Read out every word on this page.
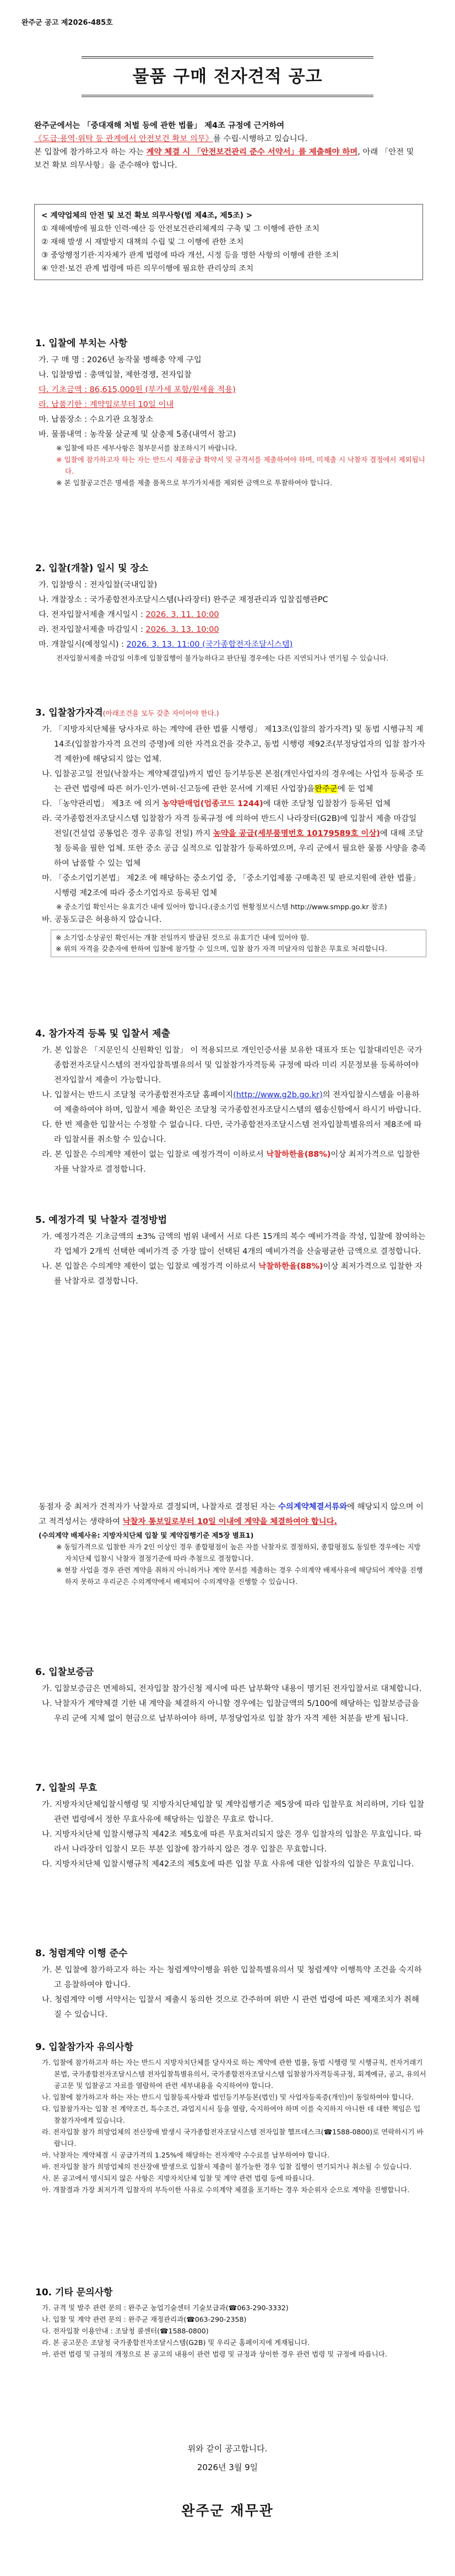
완주군 공고 제2026-485호
물품 구매 전자견적 공고

완주군에서는 「중대재해 처벌 등에 관한 법률」 제4조 규정에 근거하여

《도급·용역·위탁 등 관계에서 안전보건 확보 의무》를 수립·시행하고 있습니다.

본 입찰에 참가하고자 하는 자는 계약 체결 시 「안전보건관리 준수 서약서」를 제출해야 하며, 아래 「안전 및 보건 확보 의무사항」을 준수해야 합니다.

< 계약업체의 안전 및 보건 확보 의무사항(법 제4조, 제5조) >

① 재해예방에 필요한 인력·예산 등 안전보건관리체계의 구축 및 그 이행에 관한 조치

② 재해 발생 시 재발방지 대책의 수립 및 그 이행에 관한 조치

③ 중앙행정기관·지자체가 관계 법령에 따라 개선, 시정 등을 명한 사항의 이행에 관한 조치

④ 안전·보건 관계 법령에 따른 의무이행에 필요한 관리상의 조치

1. 입찰에 부치는 사항

가. 구 매 명 : 2026년 농작물 병해충 약제 구입

나. 입찰방법 : 총액입찰, 제한경쟁, 전자입찰

다. 기초금액 : 86,615,000원 (부가세 포함/원세율 적용)

라. 납품기한 : 계약일로부터 10일 이내

마. 납품장소 : 수요기관 요청장소

바. 물품내역 : 농작물 살균제 및 살충제 5종(내역서 참고)

※ 입찰에 따른 세부사항은 첨부문서를 참조하시기 바랍니다.

※ 입찰에 참가하고자 하는 자는 반드시 제품공급 확약서 및 규격서를 제출하여야 하며, 미제출 시 낙찰자 결정에서 제외됩니다.

※ 본 입찰공고건은 명세를 제출 품목으로 부가가치세를 제외한 금액으로 투찰하여야 합니다.

2. 입찰(개찰) 일시 및 장소

가. 입찰방식 : 전자입찰(국내입찰)

나. 개찰장소 : 국가종합전자조달시스템(나라장터) 완주군 재정관리과 입찰집행관PC

다. 전자입찰서제출 개시일시 : 2026. 3. 11. 10:00

라. 전자입찰서제출 마감일시 : 2026. 3. 13. 10:00

마. 개찰일시(예정일시) : 2026. 3. 13. 11:00 (국가종합전자조달시스템)

전자입찰서제출 마감일 이후에 입찰집행이 불가능하다고 판단될 경우에는 다른 지연되거나 연기될 수 있습니다.

3. 입찰참가자격(아래조건을 모두 갖춘 자이어야 한다.)

가. 「지방자치단체를 당사자로 하는 계약에 관한 법률 시행령」 제13조(입찰의 참가자격) 및 동법 시행규칙 제14조(입찰참가자격 요건의 증명)에 의한 자격요건을 갖추고, 동법 시행령 제92조(부정당업자의 입찰 참가자격 제한)에 해당되지 않는 업체.

나. 입찰공고일 전일(낙찰자는 계약체결일)까지 법인 등기부등본 본점(개인사업자의 경우에는 사업자 등록증 또는 관련 법령에 따른 허가·인가·면허·신고등에 관한 문서에 기재된 사업장)을완주군에 둔 업체

다. 「농약관리법」 제3조 에 의거 농약판매업(업종코드 1244)에 대한 조달청 입찰참가 등록된 업체

라. 국가종합전자조달시스템 입찰참가 자격 등록규정 에 의하여 반드시 나라장터(G2B)에 입찰서 제출 마감일 전일(건설업 공통업은 경우 공휴일 전일) 까지 농약을 공급(세부품명번호 10179589호 이상)에 대해 조달청 등록을 필한 업체. 또한 중소 공급 실적으로 입찰참가 등록하였으며, 우리 군에서 필요한 물품 사양을 충족하여 납품할 수 있는 업체

마. 「중소기업기본법」 제2조 에 해당하는 중소기업 중, 「중소기업제품 구매촉진 및 판로지원에 관한 법률」 시행령 제2조에 따라 중소기업자로 등록된 업체

※ 중소기업 확인서는 유효기간 내에 있어야 합니다.(중소기업 현황정보시스템 http://www.smpp.go.kr 참조)

바. 공동도급은 허용하지 않습니다.

※ 소기업·소상공인 확인서는 개찰 전일까지 발급된 것으로 유효기간 내에 있어야 함.
※ 위의 자격을 갖춘자에 한하여 입찰에 참가할 수 있으며, 입찰 참가 자격 미달자의 입찰은 무효로 처리합니다.
4. 참가자격 등록 및 입찰서 제출

가. 본 입찰은 「지문인식 신원확인 입찰」 이 적용되므로 개인인증서를 보유한 대표자 또는 입찰대리인은 국가종합전자조달시스템의 전자입찰특별유의서 및 입찰참가자격등록 규정에 따라 미리 지문정보를 등록하여야 전자입찰서 제출이 가능합니다.

나. 입찰서는 반드시 조달청 국가종합전자조달 홈페이지(http://www.g2b.go.kr)의 전자입찰시스템을 이용하여 제출하여야 하며, 입찰서 제출 확인은 조달청 국가종합전자조달시스템의 웹송신함에서 하시기 바랍니다.

다. 한 번 제출한 입찰서는 수정할 수 없습니다. 다만, 국가종합전자조달시스템 전자입찰특별유의서 제8조에 따라 입찰서를 취소할 수 있습니다.

라. 본 입찰은 수의계약 제한이 없는 입찰로 예정가격이 이하로서 낙찰하한율(88%)이상 최저가격으로 입찰한 자를 낙찰자로 결정합니다.

5. 예정가격 및 낙찰자 결정방법

가. 예정가격은 기초금액의 ±3% 금액의 범위 내에서 서로 다른 15개의 복수 예비가격을 작성, 입찰에 참여하는 각 업체가 2개씩 선택한 예비가격 중 가장 많이 선택된 4개의 예비가격을 산술평균한 금액으로 결정합니다.

나. 본 입찰은 수의계약 제한이 없는 입찰로 예정가격 이하로서 낙찰하한율(88%)이상 최저가격으로 입찰한 자를 낙찰자로 결정합니다.

동점자 중 최저가 견적자가 낙찰자로 결정되며, 나찰자로 결정된 자는 수의계약체결서류와에 해당되지 않으며 이고 적격성서는 생략하여 낙찰자 통보일로부터 10일 이내에 계약을 체결하여야 합니다.

(수의계약 배제사유: 지방자치단체 입찰 및 계약집행기준 제5장 별표1)

※ 동일가격으로 입찰한 자가 2인 이상인 경우 종합평점이 높은 자를 낙찰자로 결정하되, 종합평점도 동일한 경우에는 지방자치단체 입찰시 낙찰자 결정기준에 따라 추첨으로 결정합니다.

※ 현장 사업을 경우 관련 계약을 취하지 아니하거나 계약 문서를 제출하는 경우 수의계약 배제사유에 해당되어 계약을 진행하지 못하고 우리군은 수의계약에서 배제되어 수의계약을 진행할 수 있습니다.

6. 입찰보증금

가. 입찰보증금은 면제하되, 전자입찰 참가신청 제시에 따른 납부확약 내용이 명기된 전자입찰서로 대체합니다.

나. 낙찰자가 계약체결 기한 내 계약을 체결하지 아니할 경우에는 입찰금액의 5/100에 해당하는 입찰보증금을 우리 군에 지체 없이 현금으로 납부하여야 하며, 부정당업자로 입찰 참가 자격 제한 처분을 받게 됩니다.

7. 입찰의 무효

가. 지방자치단체입찰시행령 및 지방자치단체입찰 및 계약집행기준 제5장에 따라 입찰무효 처리하며, 기타 입찰 관련 법령에서 정한 무효사유에 해당하는 입찰은 무효로 합니다.

나. 지방자치단체 입찰시행규칙 제42조 제5호에 따른 무효처리되지 않은 경우 입찰자의 입찰은 무효입니다. 따라서 나라장터 입찰시 모든 부분 입찰에 참가하지 않은 경우 입찰은 무효합니다.

다. 지방자치단체 입찰시행규칙 제42조의 제5호에 따른 입찰 무효 사유에 대한 입찰자의 입찰은 무효입니다.

8. 청렴계약 이행 준수

가. 본 입찰에 참가하고자 하는 자는 청렴계약이행을 위한 입찰특별유의서 및 청렴계약 이행특약 조건을 숙지하고 응찰하여야 합니다.

나. 청렴계약 이행 서약서는 입찰서 제출시 동의한 것으로 간주하며 위반 시 관련 법령에 따른 제재조치가 취해질 수 있습니다.

9. 입찰참가자 유의사항

가. 입찰에 참가하고자 하는 자는 반드시 지방자치단체를 당사자로 하는 계약에 관한 법률, 동법 시행령 및 시행규칙, 전자거래기본법, 국가종합전자조달시스템 전자입찰특별유의서, 국가종합전자조달시스템 입찰참가자격등록규정, 회계예규, 공고, 유의서 공고문 및 입찰공고 자료를 열람하여 관련 세부내용을 숙지하여야 합니다.

나. 입찰에 참가하고자 하는 자는 반드시 입찰등록사항과 법인등기부등본(법인) 및 사업자등록증(개인)이 동일하여야 합니다.

다. 입찰참가자는 입찰 전 계약조건, 특수조건, 과업지시서 등을 열람, 숙지하여야 하며 이를 숙지하지 아니한 데 대한 책임은 입찰참가자에게 있습니다.

라. 전자입찰 참가 희망업체의 전산장애 발생시 국가종합전자조달시스템 전자입찰 헬프데스크(☎1588-0800)로 연락하시기 바랍니다.

마. 낙찰자는 계약체결 시 공급가격의 1.25%에 해당하는 전자계약 수수료를 납부하여야 합니다.

바. 전자입찰 참가 희망업체의 전산장애 발생으로 입찰서 제출이 불가능한 경우 입찰 집행이 연기되거나 취소될 수 있습니다.

사. 본 공고에서 명시되지 않은 사항은 지방자치단체 입찰 및 계약 관련 법령 등에 따릅니다.

아. 개찰결과 가장 최저가격 입찰자의 부득이한 사유로 수의계약 체결을 포기하는 경우 차순위자 순으로 계약을 진행합니다.

10. 기타 문의사항

가. 규격 및 발주 관련 문의 : 완주군 농업기술센터 기술보급과(☎063-290-3332)

나. 입찰 및 계약 관련 문의 : 완주군 재정관리과(☎063-290-2358)

다. 전자입찰 이용안내 : 조달청 콜센터(☎1588-0800)

라. 본 공고문은 조달청 국가종합전자조달시스템(G2B) 및 우리군 홈페이지에 게재됩니다.

마. 관련 법령 및 규정의 개정으로 본 공고의 내용이 관련 법령 및 규정과 상이한 경우 관련 법령 및 규정에 따릅니다.

위와 같이 공고합니다.
2026년 3월 9일
완주군 재무관
